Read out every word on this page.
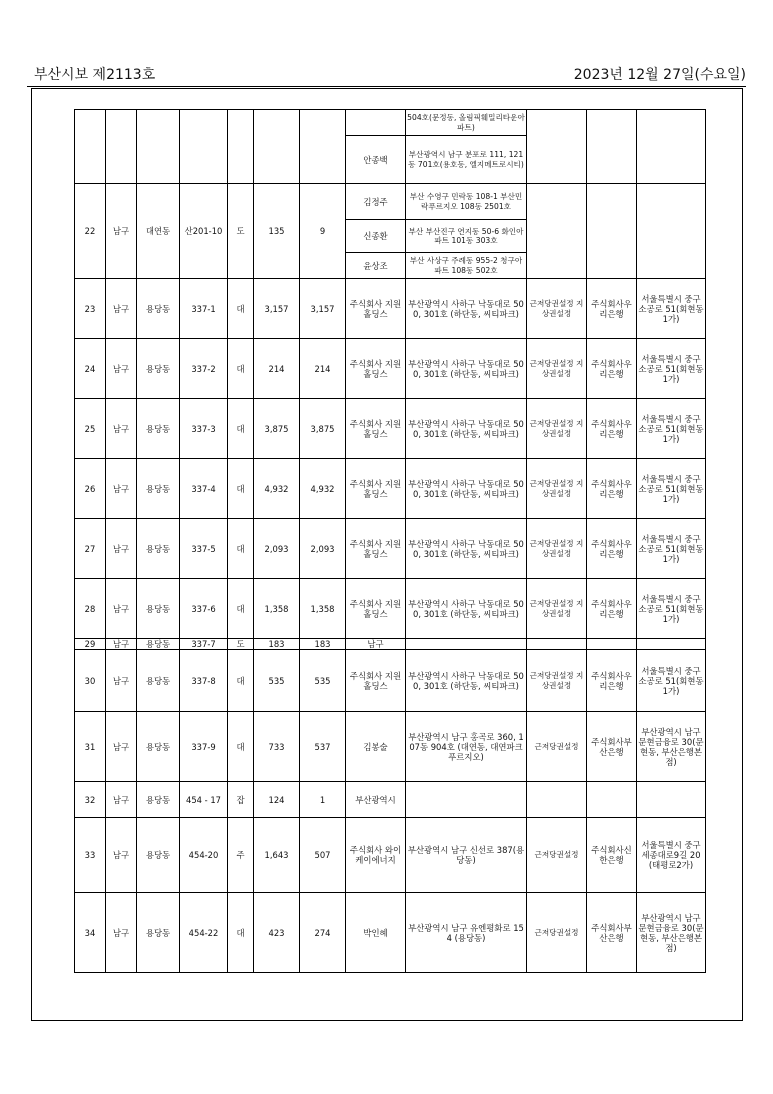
부산시보 제2113호	2023년 12월 27일(수요일)
								504호(문정동, 올림픽훼밀리타운아파트)			
							안종백	부산광역시 남구 분포로 111, 121동 701호(용호동, 엘지메트로시티)			
22	남구	대연동	산201-10	도	135	9	김정주	부산 수영구 민락동 108-1 부산민락푸르지오 108동 2501호			
							신종환	부산 부산진구 연지동 50-6 화인아파트 101동 303호			
							윤상조	부산 사상구 주례동 955-2 청구아파트 108동 502호			
23	남구	용당동	337-1	대	3,157	3,157	주식회사 지원홀딩스	부산광역시 사하구 낙동대로 500, 301호 (하단동, 씨티파크)	근저당권설정 지상권설정	주식회사우리은행	서울특별시 중구 소공로 51(회현동 1가)
24	남구	용당동	337-2	대	214	214	주식회사 지원홀딩스	부산광역시 사하구 낙동대로 500, 301호 (하단동, 씨티파크)	근저당권설정 지상권설정	주식회사우리은행	서울특별시 중구 소공로 51(회현동 1가)
25	남구	용당동	337-3	대	3,875	3,875	주식회사 지원홀딩스	부산광역시 사하구 낙동대로 500, 301호 (하단동, 씨티파크)	근저당권설정 지상권설정	주식회사우리은행	서울특별시 중구 소공로 51(회현동 1가)
26	남구	용당동	337-4	대	4,932	4,932	주식회사 지원홀딩스	부산광역시 사하구 낙동대로 500, 301호 (하단동, 씨티파크)	근저당권설정 지상권설정	주식회사우리은행	서울특별시 중구 소공로 51(회현동 1가)
27	남구	용당동	337-5	대	2,093	2,093	주식회사 지원홀딩스	부산광역시 사하구 낙동대로 500, 301호 (하단동, 씨티파크)	근저당권설정 지상권설정	주식회사우리은행	서울특별시 중구 소공로 51(회현동 1가)
28	남구	용당동	337-6	대	1,358	1,358	주식회사 지원홀딩스	부산광역시 사하구 낙동대로 500, 301호 (하단동, 씨티파크)	근저당권설정 지상권설정	주식회사우리은행	서울특별시 중구 소공로 51(회현동 1가)
29	남구	용당동	337-7	도	183	183	남구				
30	남구	용당동	337-8	대	535	535	주식회사 지원홀딩스	부산광역시 사하구 낙동대로 500, 301호 (하단동, 씨티파크)	근저당권설정 지상권설정	주식회사우리은행	서울특별시 중구 소공로 51(회현동 1가)
31	남구	용당동	337-9	대	733	537	김봉술	부산광역시 남구 홍곡로 360, 107동 904호 (대연동, 대연파크푸르지오)	근저당권설정	주식회사부산은행	부산광역시 남구 문현금융로 30(문현동, 부산은행본점)
32	남구	용당동	454 - 17	잡	124	1	부산광역시				
33	남구	용당동	454-20	주	1,643	507	주식회사 와이케이에너지	부산광역시 남구 신선로 387(용당동)	근저당권설정	주식회사신한은행	서울특별시 중구 세종대로9길 20 (태평로2가)
34	남구	용당동	454-22	대	423	274	박인혜	부산광역시 남구 유엔평화로 154 (용당동)	근저당권설정	주식회사부산은행	부산광역시 남구 문현금융로 30(문현동, 부산은행본점)
